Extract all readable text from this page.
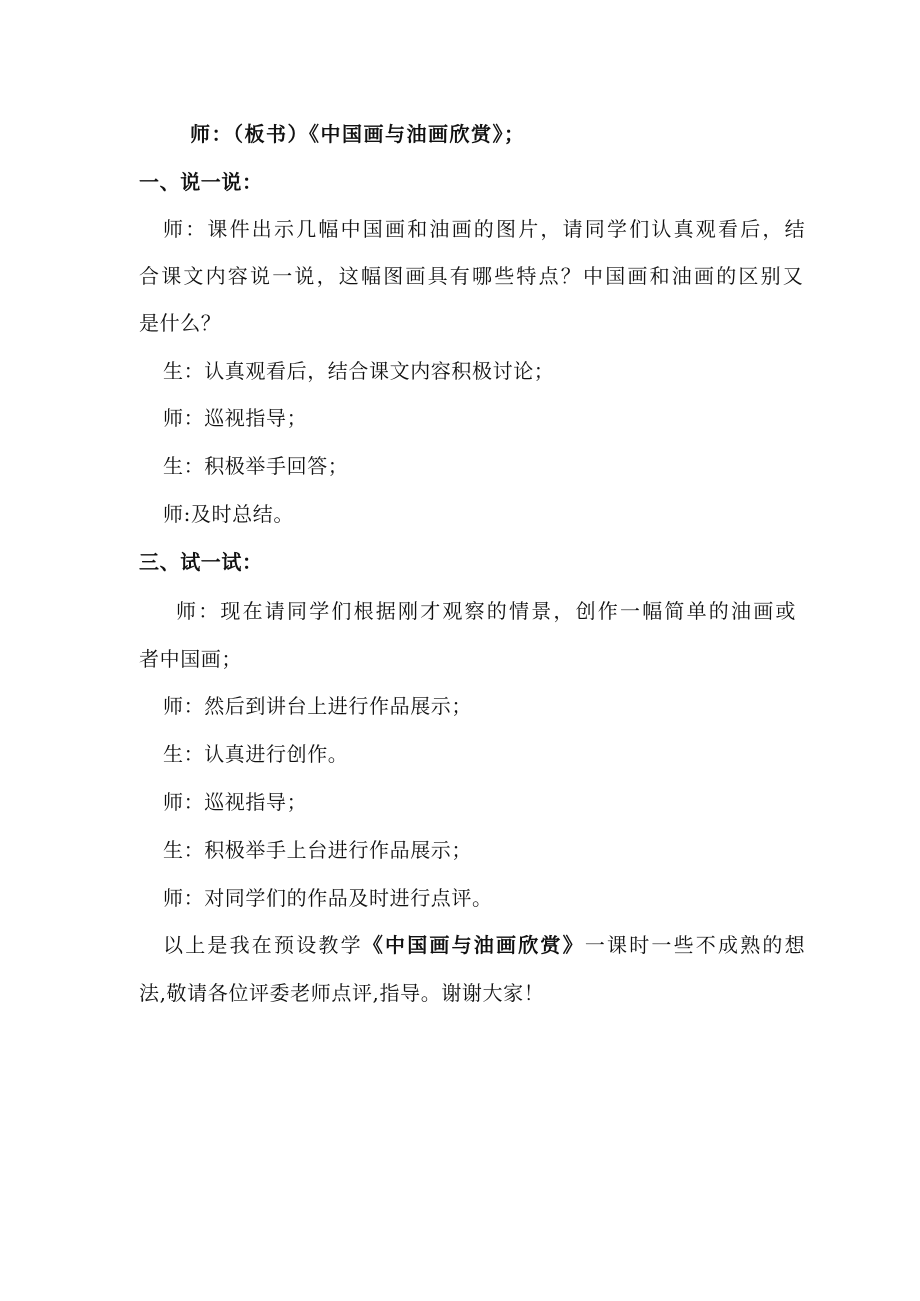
师：（板书）《中国画与油画欣赏》；
一、说一说：
师：课件出示几幅中国画和油画的图片，请同学们认真观看后，结
合课文内容说一说，这幅图画具有哪些特点？中国画和油画的区别又
是什么？
生：认真观看后，结合课文内容积极讨论；
师：巡视指导；
生：积极举手回答；
师:及时总结。
三、试一试：
师：现在请同学们根据刚才观察的情景，创作一幅简单的油画或
者中国画；
师：然后到讲台上进行作品展示；
生：认真进行创作。
师：巡视指导；
生：积极举手上台进行作品展示；
师：对同学们的作品及时进行点评。
以上是我在预设教学《中国画与油画欣赏》一课时一些不成熟的想
法,敬请各位评委老师点评,指导。谢谢大家！
